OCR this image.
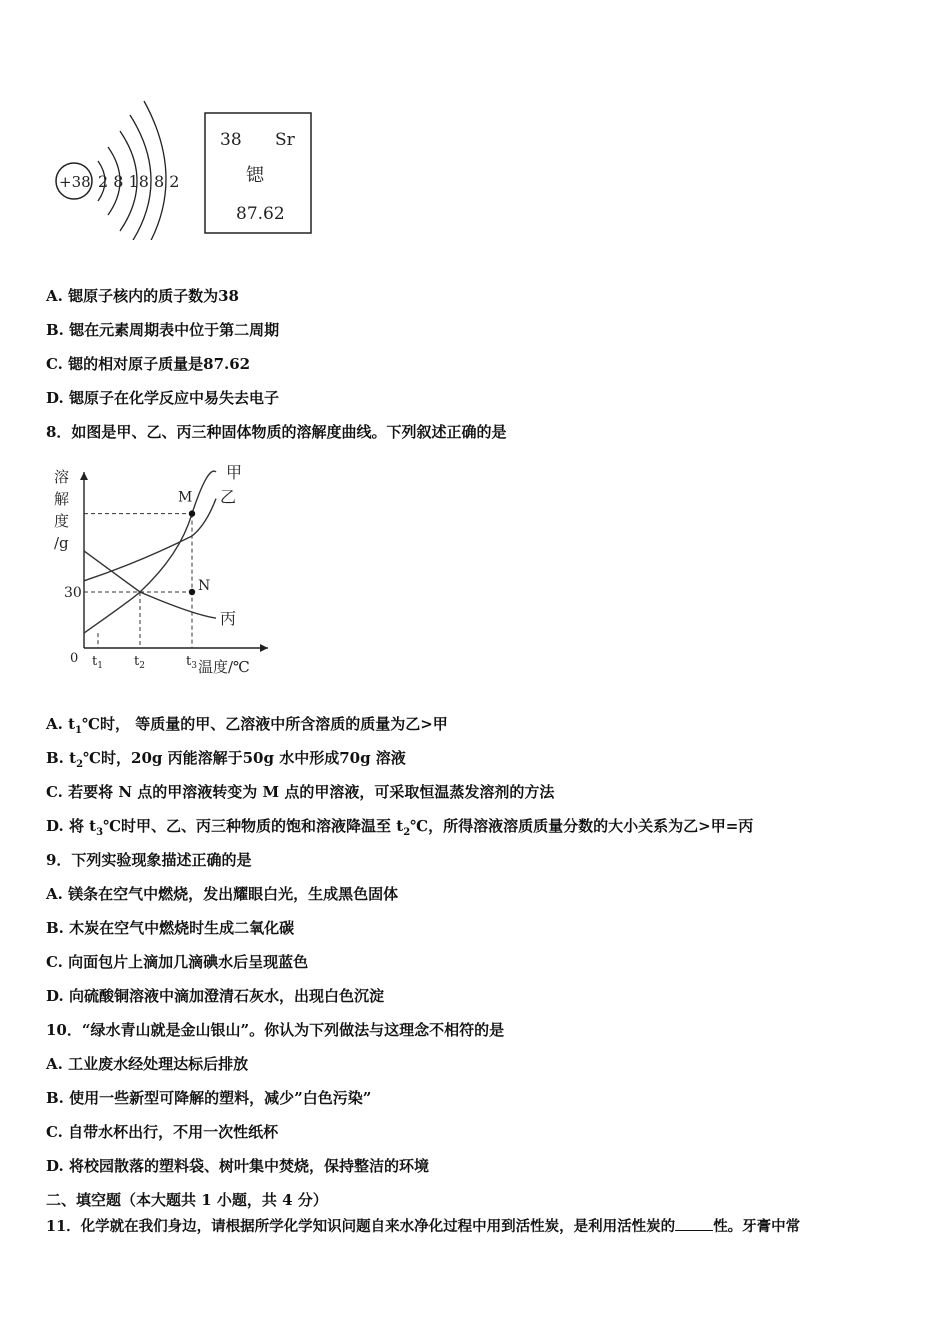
+38 2 8 18 8 2
38 Sr
锶
87.62
A. 锶原子核内的质子数为38
B. 锶在元素周期表中位于第二周期
C. 锶的相对原子质量是87.62
D. 锶原子在化学反应中易失去电子
8．如图是甲、乙、丙三种固体物质的溶解度曲线。下列叙述正确的是
溶
解
度
/g
0	温度/℃
30
$t_1$ $t_2$	$t_3$
甲
乙
丙
M
N
A. $t_1℃$时， 等质量的甲、乙溶液中所含溶质的质量为乙>甲
B. $t_2℃$时，20g 丙能溶解于50g 水中形成70g 溶液
C. 若要将 N 点的甲溶液转变为 M 点的甲溶液，可采取恒温蒸发溶剂的方法
D. 将 $t_3℃$时甲、乙、丙三种物质的饱和溶液降温至 $t_2℃$，所得溶液溶质质量分数的大小关系为乙>甲=丙
9．下列实验现象描述正确的是
A. 镁条在空气中燃烧，发出耀眼白光，生成黑色固体
B. 木炭在空气中燃烧时生成二氧化碳
C. 向面包片上滴加几滴碘水后呈现蓝色
D. 向硫酸铜溶液中滴加澄清石灰水，出现白色沉淀
10．“绿水青山就是金山银山”。你认为下列做法与这理念不相符的是
A. 工业废水经处理达标后排放
B. 使用一些新型可降解的塑料，减少”白色污染”
C. 自带水杯出行，不用一次性纸杯
D. 将校园散落的塑料袋、树叶集中焚烧，保持整洁的环境
二、填空题（本大题共 1 小题，共 4 分）
11．化学就在我们身边，请根据所学化学知识问题自来水净化过程中用到活性炭，是利用活性炭的	性。牙膏中常
